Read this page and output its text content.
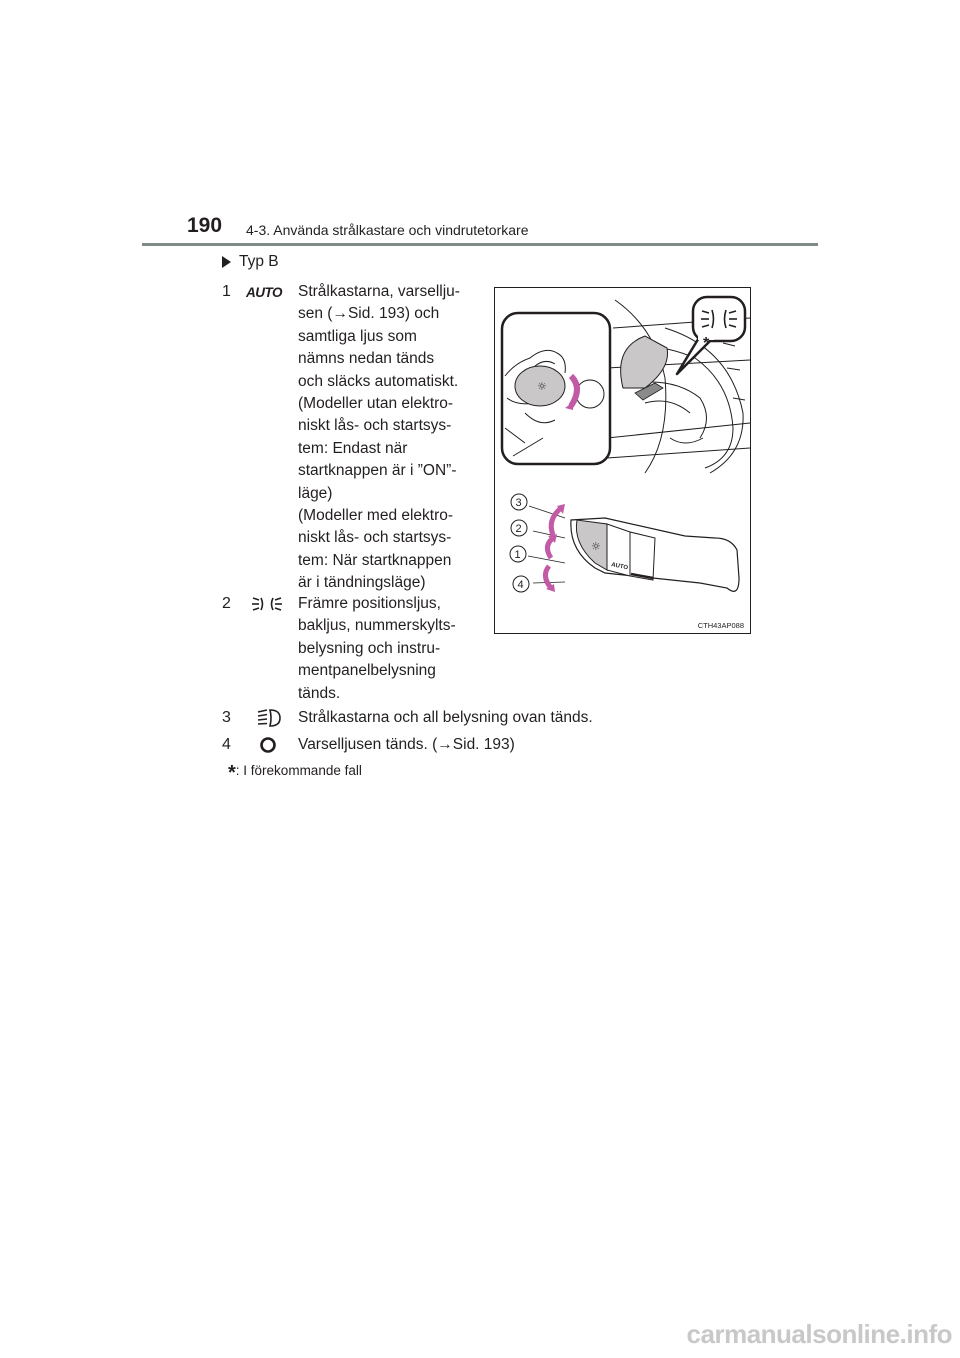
190 4-3. Använda strålkastare och vindrutetorkare
Typ B
1 AUTO Strålkastarna, varsellju-
sen (→Sid. 193) och
samtliga ljus som
nämns nedan tänds
och släcks automatiskt.
(Modeller utan elektro-
niskt lås- och startsys-
tem: Endast när
startknappen är i ”ON”-
läge)
(Modeller med elektro-
niskt lås- och startsys-
tem: När startknappen
är i tändningsläge)
2	Främre positionsljus,
bakljus, nummerskylts-
belysning och instru-
mentpanelbelysning
tänds.
3	Strålkastarna och all belysning ovan tänds.
4	Varselljusen tänds. (→Sid. 193)
*
☼
AUTO
☼
3
2
1
4
CTH43AP088
*: I förekommande fall
carmanualsonline.info
